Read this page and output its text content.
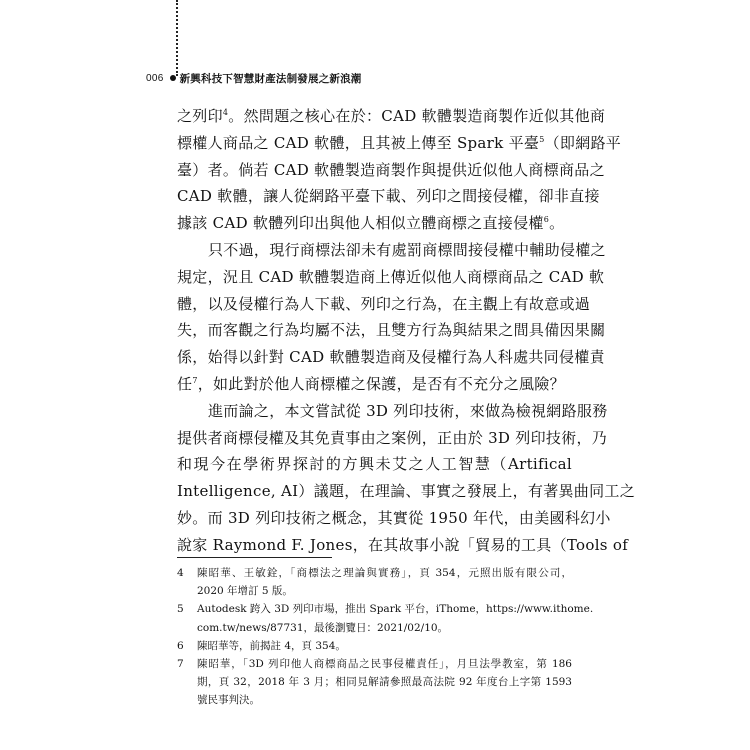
006 新興科技下智慧財產法制發展之新浪潮
之列印$^4$。然問題之核心在於：CAD 軟體製造商製作近似其他商
標權人商品之 CAD 軟體，且其被上傳至 Spark 平臺$^5$（即網路平
臺）者。倘若 CAD 軟體製造商製作與提供近似他人商標商品之
CAD 軟體，讓人從網路平臺下載、列印之間接侵權，卻非直接
據該 CAD 軟體列印出與他人相似立體商標之直接侵權$^6$。
只不過，現行商標法卻未有處罰商標間接侵權中輔助侵權之
規定，況且 CAD 軟體製造商上傳近似他人商標商品之 CAD 軟
體，以及侵權行為人下載、列印之行為，在主觀上有故意或過
失，而客觀之行為均屬不法，且雙方行為與結果之間具備因果關
係，始得以針對 CAD 軟體製造商及侵權行為人科處共同侵權責
任$^7$，如此對於他人商標權之保護，是否有不充分之風險？
進而論之，本文嘗試從 3D 列印技術，來做為檢視網路服務
提供者商標侵權及其免責事由之案例，正由於 3D 列印技術，乃
和現今在學術界探討的方興未艾之人工智慧（Artifical
Intelligence, AI）議題，在理論、事實之發展上，有著異曲同工之
妙。而 3D 列印技術之概念，其實從 1950 年代，由美國科幻小
說家 Raymond F. Jones，在其故事小說「貿易的工具（Tools of
4	陳昭華、王敏銓，「商標法之理論與實務」，頁 354，元照出版有限公司，
2020 年增訂 5 版。
5	Autodesk 跨入 3D 列印市場，推出 Spark 平台，iThome，https://www.ithome.
com.tw/news/87731，最後瀏覽日：2021/02/10。
6	陳昭華等，前揭註 4，頁 354。
7	陳昭華，「3D 列印他人商標商品之民事侵權責任」，月旦法學教室，第 186
期，頁 32，2018 年 3 月；相同見解請參照最高法院 92 年度台上字第 1593
號民事判決。
